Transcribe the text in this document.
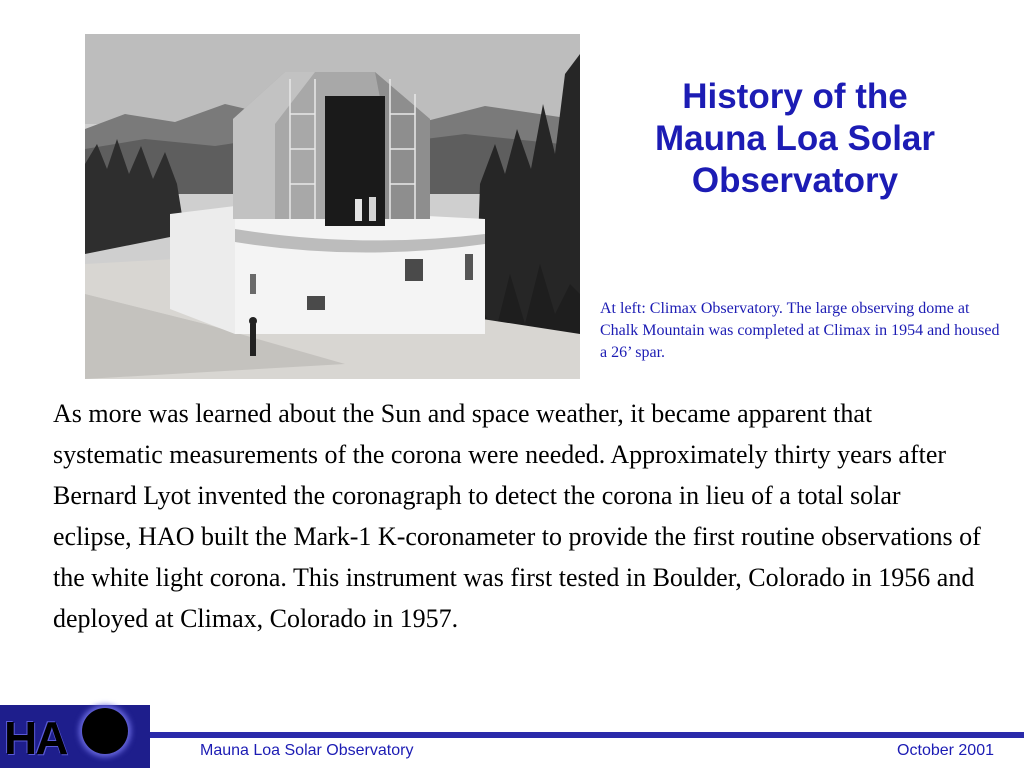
History of the
Mauna Loa Solar
Observatory

At left: Climax Observatory. The large observing dome at Chalk Mountain was completed at Climax in 1954 and housed a 26’ spar.

As more was learned about the Sun and space weather, it became apparent that systematic measurements of the corona were needed. Approximately thirty years after Bernard Lyot invented the coronagraph to detect the corona in lieu of a total solar eclipse, HAO built the Mark-1 K-coronameter to provide the first routine observations of the white light corona. This instrument was first tested in Boulder, Colorado in 1956 and deployed at Climax, Colorado in 1957.

HA	Mauna Loa Solar Observatory	October 2001
